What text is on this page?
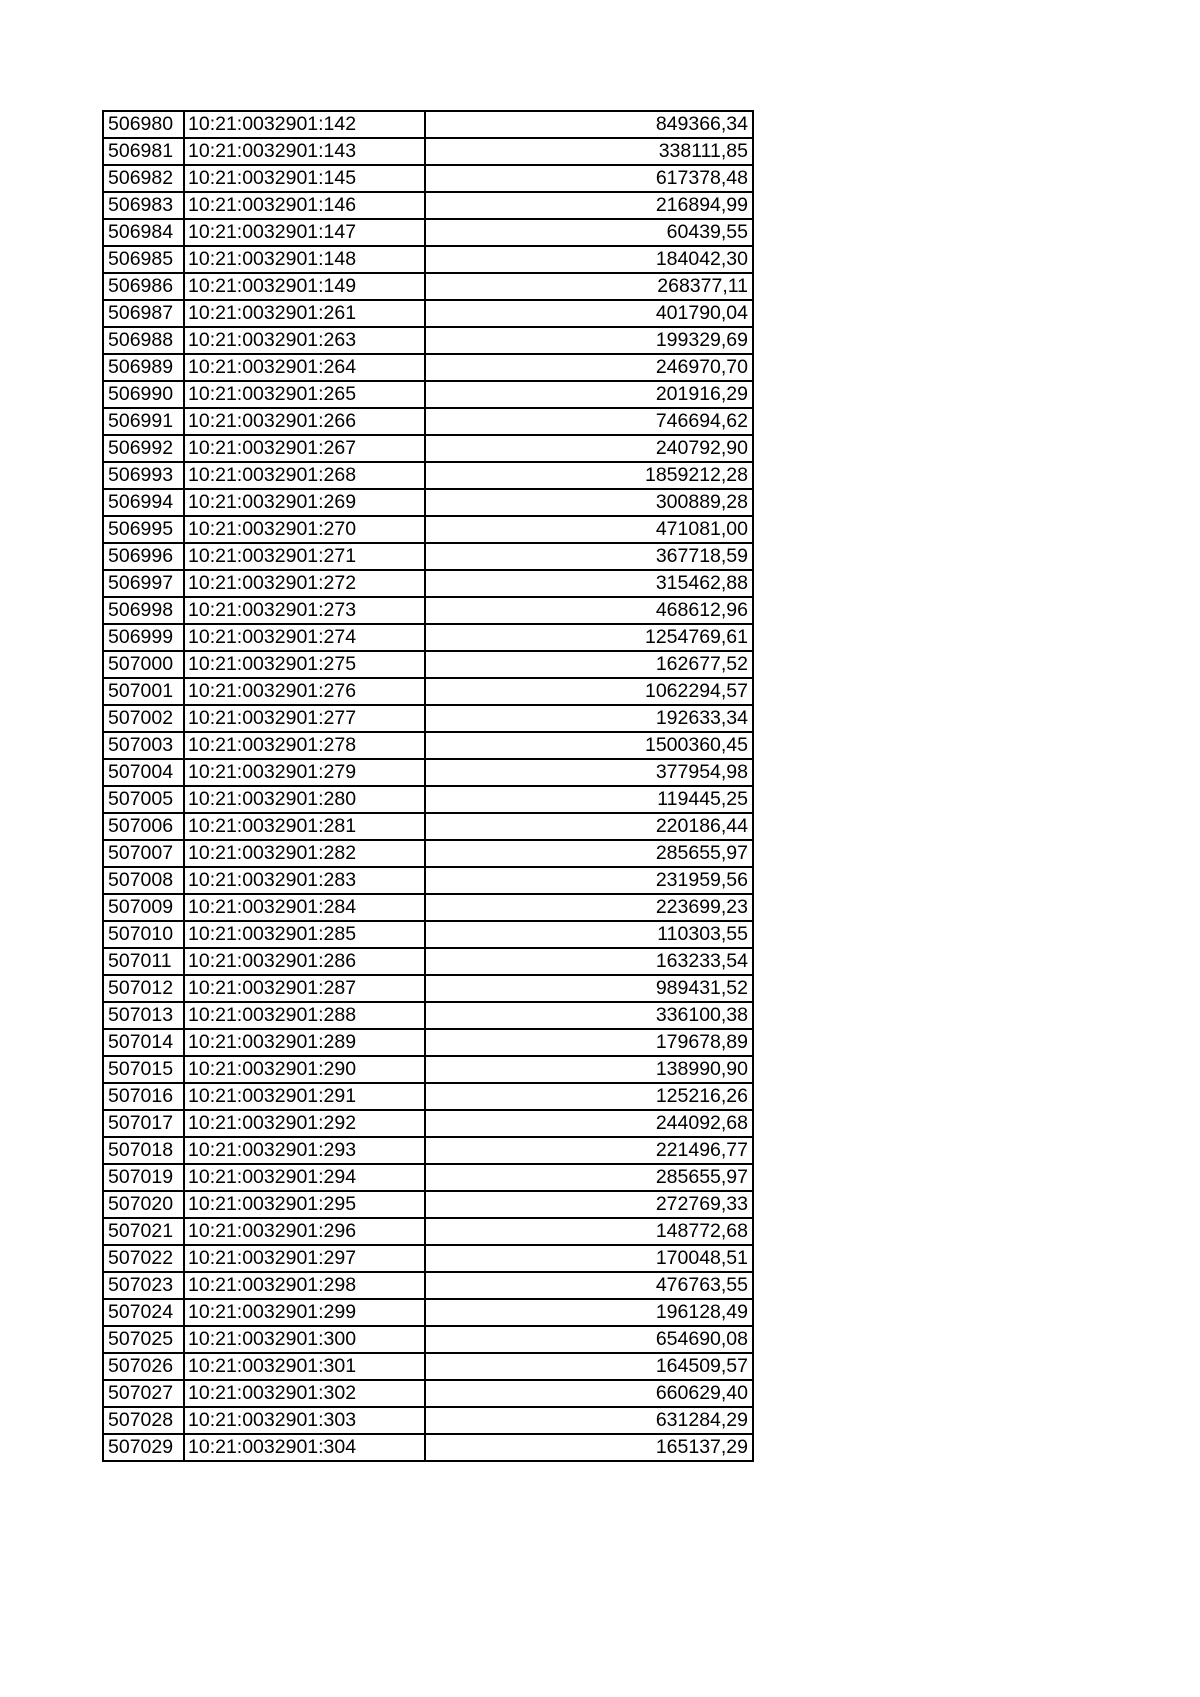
506980	10:21:0032901:142	849366,34
506981	10:21:0032901:143	338111,85
506982	10:21:0032901:145	617378,48
506983	10:21:0032901:146	216894,99
506984	10:21:0032901:147	60439,55
506985	10:21:0032901:148	184042,30
506986	10:21:0032901:149	268377,11
506987	10:21:0032901:261	401790,04
506988	10:21:0032901:263	199329,69
506989	10:21:0032901:264	246970,70
506990	10:21:0032901:265	201916,29
506991	10:21:0032901:266	746694,62
506992	10:21:0032901:267	240792,90
506993	10:21:0032901:268	1859212,28
506994	10:21:0032901:269	300889,28
506995	10:21:0032901:270	471081,00
506996	10:21:0032901:271	367718,59
506997	10:21:0032901:272	315462,88
506998	10:21:0032901:273	468612,96
506999	10:21:0032901:274	1254769,61
507000	10:21:0032901:275	162677,52
507001	10:21:0032901:276	1062294,57
507002	10:21:0032901:277	192633,34
507003	10:21:0032901:278	1500360,45
507004	10:21:0032901:279	377954,98
507005	10:21:0032901:280	119445,25
507006	10:21:0032901:281	220186,44
507007	10:21:0032901:282	285655,97
507008	10:21:0032901:283	231959,56
507009	10:21:0032901:284	223699,23
507010	10:21:0032901:285	110303,55
507011	10:21:0032901:286	163233,54
507012	10:21:0032901:287	989431,52
507013	10:21:0032901:288	336100,38
507014	10:21:0032901:289	179678,89
507015	10:21:0032901:290	138990,90
507016	10:21:0032901:291	125216,26
507017	10:21:0032901:292	244092,68
507018	10:21:0032901:293	221496,77
507019	10:21:0032901:294	285655,97
507020	10:21:0032901:295	272769,33
507021	10:21:0032901:296	148772,68
507022	10:21:0032901:297	170048,51
507023	10:21:0032901:298	476763,55
507024	10:21:0032901:299	196128,49
507025	10:21:0032901:300	654690,08
507026	10:21:0032901:301	164509,57
507027	10:21:0032901:302	660629,40
507028	10:21:0032901:303	631284,29
507029	10:21:0032901:304	165137,29
